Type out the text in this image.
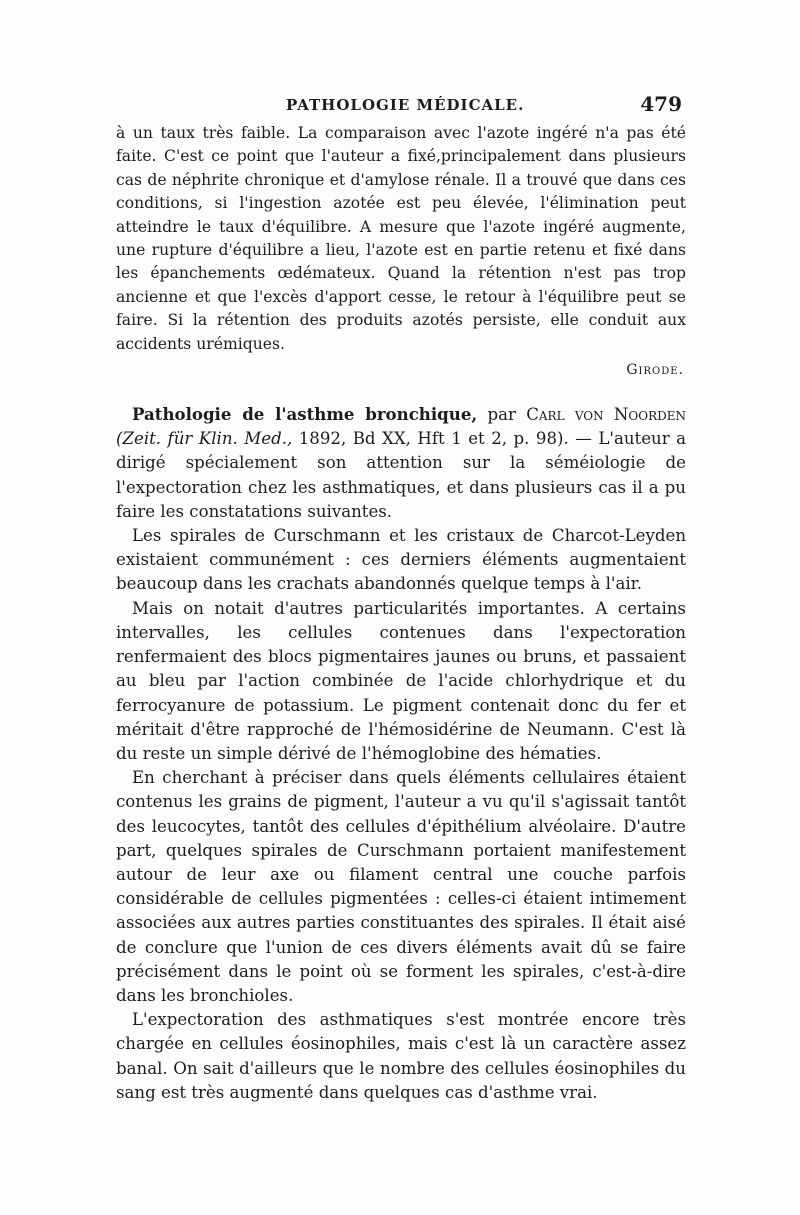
PATHOLOGIE MÉDICALE.	479

à un taux très faible. La comparaison avec l'azote ingéré n'a pas été faite. C'est ce point que l'auteur a fixé,principalement dans plusieurs cas de néphrite chronique et d'amylose rénale. Il a trouvé que dans ces conditions, si l'ingestion azotée est peu élevée, l'élimination peut atteindre le taux d'équilibre. A mesure que l'azote ingéré augmente, une rupture d'équilibre a lieu, l'azote est en partie retenu et fixé dans les épanchements œdémateux. Quand la rétention n'est pas trop ancienne et que l'excès d'apport cesse, le retour à l'équilibre peut se faire. Si la rétention des produits azotés persiste, elle conduit aux accidents urémiques.

Girode.

Pathologie de l'asthme bronchique, par Carl von Noorden (Zeit. für Klin. Med., 1892, Bd XX, Hft 1 et 2, p. 98). — L'auteur a dirigé spécialement son attention sur la séméiologie de l'expectoration chez les asthmatiques, et dans plusieurs cas il a pu faire les constatations suivantes.

Les spirales de Curschmann et les cristaux de Charcot-Leyden existaient communément : ces derniers éléments augmentaient beaucoup dans les crachats abandonnés quelque temps à l'air.

Mais on notait d'autres particularités importantes. A certains intervalles, les cellules contenues dans l'expectoration renfermaient des blocs pigmentaires jaunes ou bruns, et passaient au bleu par l'action combinée de l'acide chlorhydrique et du ferrocyanure de potassium. Le pigment contenait donc du fer et méritait d'être rapproché de l'hémosidérine de Neumann. C'est là du reste un simple dérivé de l'hémoglobine des hématies.

En cherchant à préciser dans quels éléments cellulaires étaient contenus les grains de pigment, l'auteur a vu qu'il s'agissait tantôt des leucocytes, tantôt des cellules d'épithélium alvéolaire. D'autre part, quelques spirales de Curschmann portaient manifestement autour de leur axe ou filament central une couche parfois considérable de cellules pigmentées : celles-ci étaient intimement associées aux autres parties constituantes des spirales. Il était aisé de conclure que l'union de ces divers éléments avait dû se faire précisément dans le point où se forment les spirales, c'est-à-dire dans les bronchioles.

L'expectoration des asthmatiques s'est montrée encore très chargée en cellules éosinophiles, mais c'est là un caractère assez banal. On sait d'ailleurs que le nombre des cellules éosinophiles du sang est très augmenté dans quelques cas d'asthme vrai.
